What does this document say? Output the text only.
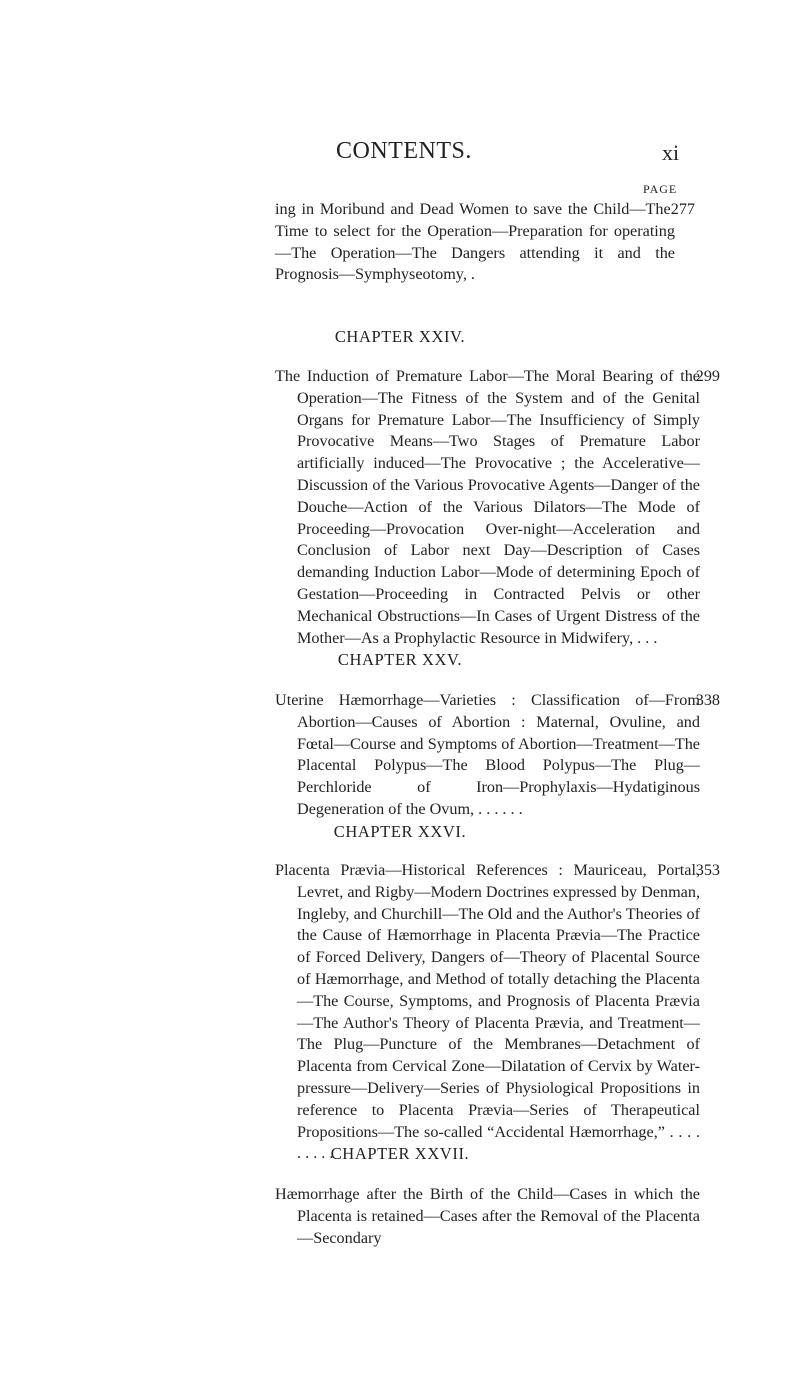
CONTENTS.	xi
PAGE
277
ing in Moribund and Dead Women to save the Child—The Time to select for the Operation—Preparation for operating—The Operation—The Dangers attending it and the Prognosis—Symphyseotomy, .
CHAPTER XXIV.
299
The Induction of Premature Labor—The Moral Bearing of the Operation—The Fitness of the System and of the Genital Organs for Premature Labor—The Insufficiency of Simply Provocative Means—Two Stages of Premature Labor artificially induced—The Provocative ; the Accelerative—Discussion of the Various Provocative Agents—Danger of the Douche—Action of the Various Dilators—The Mode of Proceeding—Provocation Over-night—Acceleration and Conclusion of Labor next Day—Description of Cases demanding Induction Labor—Mode of determining Epoch of Gestation—Proceeding in Contracted Pelvis or other Mechanical Obstructions—In Cases of Urgent Distress of the Mother—As a Prophylactic Resource in Midwifery, . . .
CHAPTER XXV.
338
Uterine Hæmorrhage—Varieties : Classification of—From Abortion—Causes of Abortion : Maternal, Ovuline, and Fœtal—Course and Symptoms of Abortion—Treatment—The Placental Polypus—The Blood Polypus—The Plug—Perchloride of Iron—Prophylaxis—Hydatiginous Degeneration of the Ovum, . . . . . .
CHAPTER XXVI.
353
Placenta Prævia—Historical References : Mauriceau, Portal, Levret, and Rigby—Modern Doctrines expressed by Denman, Ingleby, and Churchill—The Old and the Author's Theories of the Cause of Hæmorrhage in Placenta Prævia—The Practice of Forced Delivery, Dangers of—Theory of Placental Source of Hæmorrhage, and Method of totally detaching the Placenta—The Course, Symptoms, and Prognosis of Placenta Prævia—The Author's Theory of Placenta Prævia, and Treatment—The Plug—Puncture of the Membranes—Detachment of Placenta from Cervical Zone—Dilatation of Cervix by Water-pressure—Delivery—Series of Physiological Propositions in reference to Placenta Prævia—Series of Therapeutical Propositions—The so-called “Accidental Hæmorrhage,” . . . . . . . . .
CHAPTER XXVII.
Hæmorrhage after the Birth of the Child—Cases in which the Placenta is retained—Cases after the Removal of the Placenta—Secondary
